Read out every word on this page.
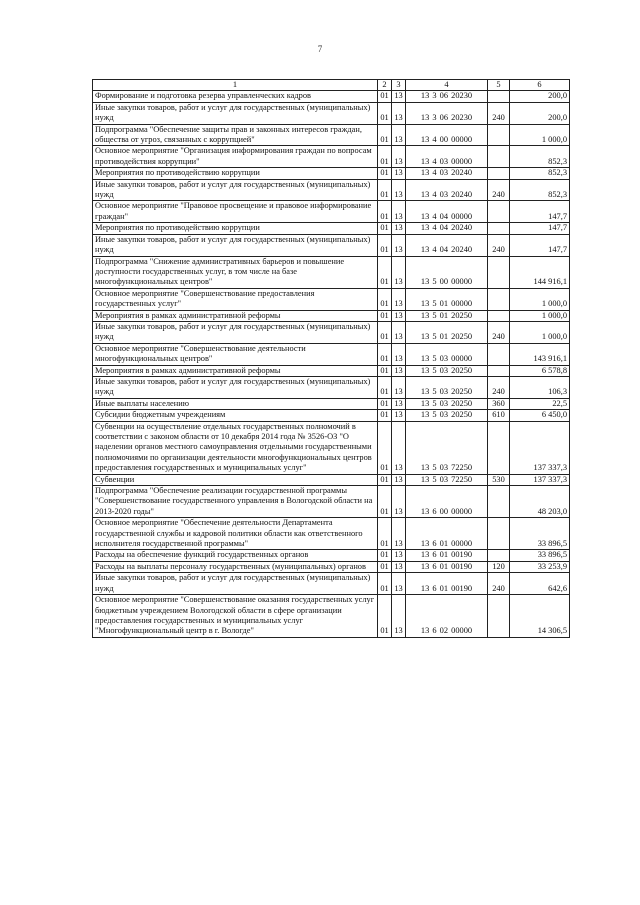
7
1	2	3	4	5	6
Формирование и подготовка резерва управленческих кадров	01	13	13 3 06 20230		200,0
Иные закупки товаров, работ и услуг для государственных (муниципальных) нужд	01	13	13 3 06 20230	240	200,0
Подпрограмма "Обеспечение защиты прав и законных интересов граждан, общества от угроз, связанных с коррупцией"	01	13	13 4 00 00000		1 000,0
Основное мероприятие "Организация информирования граждан по вопросам противодействия коррупции"	01	13	13 4 03 00000		852,3
Мероприятия по противодействию коррупции	01	13	13 4 03 20240		852,3
Иные закупки товаров, работ и услуг для государственных (муниципальных) нужд	01	13	13 4 03 20240	240	852,3
Основное мероприятие "Правовое просвещение и правовое информирование граждан"	01	13	13 4 04 00000		147,7
Мероприятия по противодействию коррупции	01	13	13 4 04 20240		147,7
Иные закупки товаров, работ и услуг для государственных (муниципальных) нужд	01	13	13 4 04 20240	240	147,7
Подпрограмма "Снижение административных барьеров и повышение доступности государственных услуг, в том числе на базе многофункциональных центров"	01	13	13 5 00 00000		144 916,1
Основное мероприятие "Совершенствование предоставления государственных услуг"	01	13	13 5 01 00000		1 000,0
Мероприятия в рамках административной реформы	01	13	13 5 01 20250		1 000,0
Иные закупки товаров, работ и услуг для государственных (муниципальных) нужд	01	13	13 5 01 20250	240	1 000,0
Основное мероприятие "Совершенствование деятельности многофункциональных центров"	01	13	13 5 03 00000		143 916,1
Мероприятия в рамках административной реформы	01	13	13 5 03 20250		6 578,8
Иные закупки товаров, работ и услуг для государственных (муниципальных) нужд	01	13	13 5 03 20250	240	106,3
Иные выплаты населению	01	13	13 5 03 20250	360	22,5
Субсидии бюджетным учреждениям	01	13	13 5 03 20250	610	6 450,0
Субвенции на осуществление отдельных государственных полномочий в соответствии с законом области от 10 декабря 2014 года № 3526-ОЗ "О наделении органов местного самоуправления отдельными государственными полномочиями по организации деятельности многофункциональных центров предоставления государственных и муниципальных услуг"	01	13	13 5 03 72250		137 337,3
Субвенции	01	13	13 5 03 72250	530	137 337,3
Подпрограмма "Обеспечение реализации государственной программы "Совершенствование государственного управления в Вологодской области на 2013-2020 годы"	01	13	13 6 00 00000		48 203,0
Основное мероприятие "Обеспечение деятельности Департамента государственной службы и кадровой политики области как ответственного исполнителя государственной программы"	01	13	13 6 01 00000		33 896,5
Расходы на обеспечение функций государственных органов	01	13	13 6 01 00190		33 896,5
Расходы на выплаты персоналу государственных (муниципальных) органов	01	13	13 6 01 00190	120	33 253,9
Иные закупки товаров, работ и услуг для государственных (муниципальных) нужд	01	13	13 6 01 00190	240	642,6
Основное мероприятие "Совершенствование оказания государственных услуг бюджетным учреждением Вологодской области в сфере организации предоставления государственных и муниципальных услуг "Многофункциональный центр в г. Вологде"	01	13	13 6 02 00000		14 306,5
